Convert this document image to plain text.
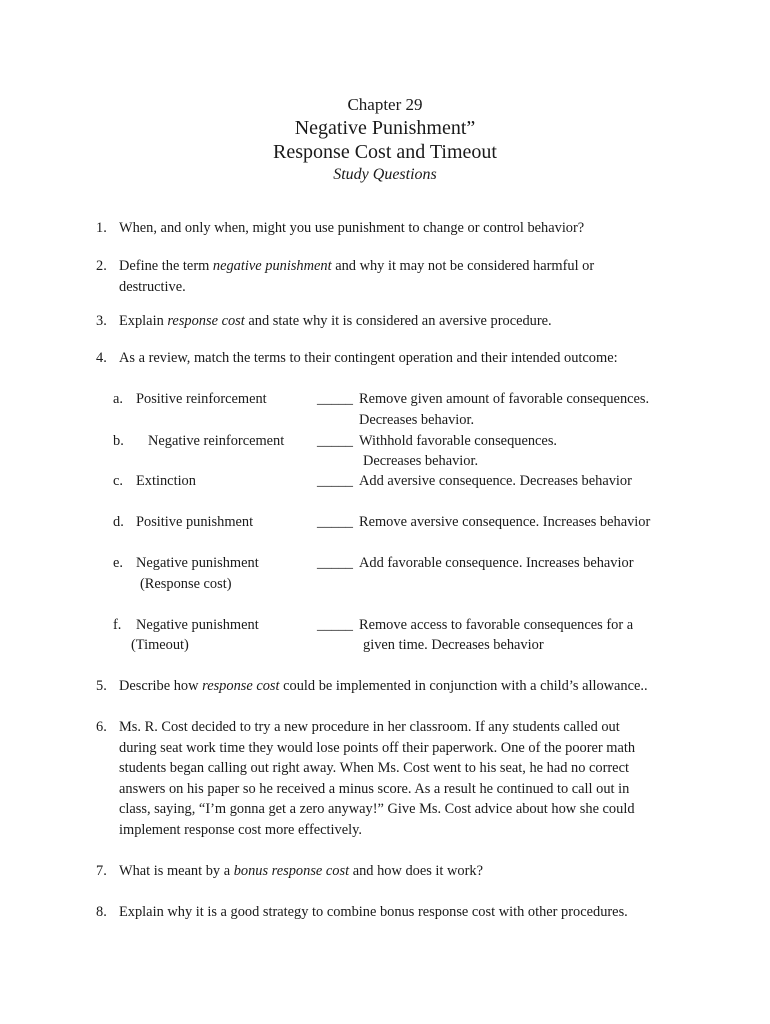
Chapter 29
Negative Punishment”
Response Cost and Timeout
Study Questions
1. When, and only when, might you use punishment to change or control behavior?
2. Define the term negative punishment and why it may not be considered harmful or destructive.
3. Explain response cost and state why it is considered an aversive procedure.
4. As a review, match the terms to their contingent operation and their intended outcome:
a. Positive reinforcement	_____ Remove given amount of favorable consequences.
Decreases behavior.
b. Negative reinforcement _____ Withhold favorable consequences.
Decreases behavior.
c. Extinction	_____ Add aversive consequence. Decreases behavior
d. Positive punishment	_____ Remove aversive consequence. Increases behavior
e. Negative punishment
(Response cost)
_____ Add favorable consequence. Increases behavior
f. Negative punishment
(Timeout)
_____ Remove access to favorable consequences for a
given time. Decreases behavior
5. Describe how response cost could be implemented in conjunction with a child’s allowance..
6. Ms. R. Cost decided to try a new procedure in her classroom. If any students called out
during seat work time they would lose points off their paperwork. One of the poorer math
students began calling out right away. When Ms. Cost went to his seat, he had no correct
answers on his paper so he received a minus score. As a result he continued to call out in
class, saying, “I’m gonna get a zero anyway!” Give Ms. Cost advice about how she could
implement response cost more effectively.
7. What is meant by a bonus response cost and how does it work?
8. Explain why it is a good strategy to combine bonus response cost with other procedures.
